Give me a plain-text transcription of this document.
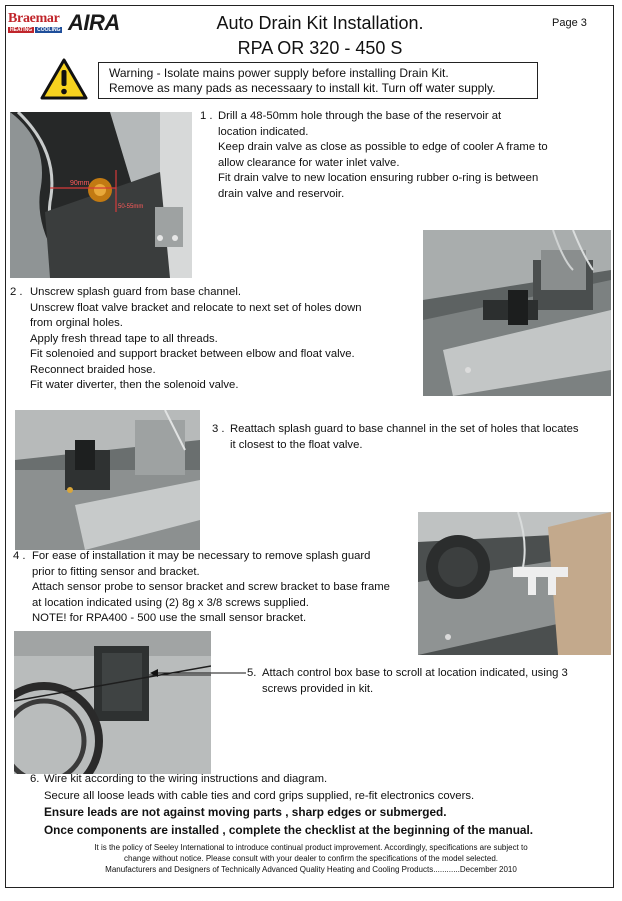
Braemar
HEATING	COOLING AIRA	Auto Drain Kit Installation.
RPA OR 320 - 450 S
Page 3
Warning - Isolate mains power supply before installing Drain Kit.
Remove as many pads as necessaary to install kit. Turn off water supply.
90mm
50-55mm
1 . Drill a 48-50mm hole through the base of the reservoir at
location indicated.
Keep drain valve as close as possible to edge of cooler A frame to
allow clearance for water inlet valve.
Fit drain valve to new location ensuring rubber o-ring is between
drain valve and reservoir.
2 . Unscrew splash guard from base channel.
Unscrew float valve bracket and relocate to next set of holes down
from orginal holes.
Apply fresh thread tape to all threads.
Fit solenoied and support bracket between elbow and float valve.
Reconnect braided hose.
Fit water diverter, then the solenoid valve.
3 . Reattach splash guard to base channel in the set of holes that locates
it closest to the float valve.
4 . For ease of installation it may be necessary to remove splash guard
prior to fitting sensor and bracket.
Attach sensor probe to sensor bracket and screw bracket to base frame
at location indicated using (2) 8g x 3/8 screws supplied.
NOTE! for RPA400 - 500 use the small sensor bracket.
5. Attach control box base to scroll at location indicated, using 3
screws provided in kit.
6. Wire kit according to the wiring instructions and diagram.
Secure all loose leads with cable ties and cord grips supplied, re-fit electronics covers.
Ensure leads are not against moving parts , sharp edges or submerged.
Once components are installed , complete the checklist at the beginning of the manual.
It is the policy of Seeley International to introduce continual product improvement. Accordingly, specifications are subject to
change without notice. Please consult with your dealer to confirm the specifications of the model selected.
Manufacturers and Designers of Technically Advanced Quality Heating and Cooling Products............December 2010
